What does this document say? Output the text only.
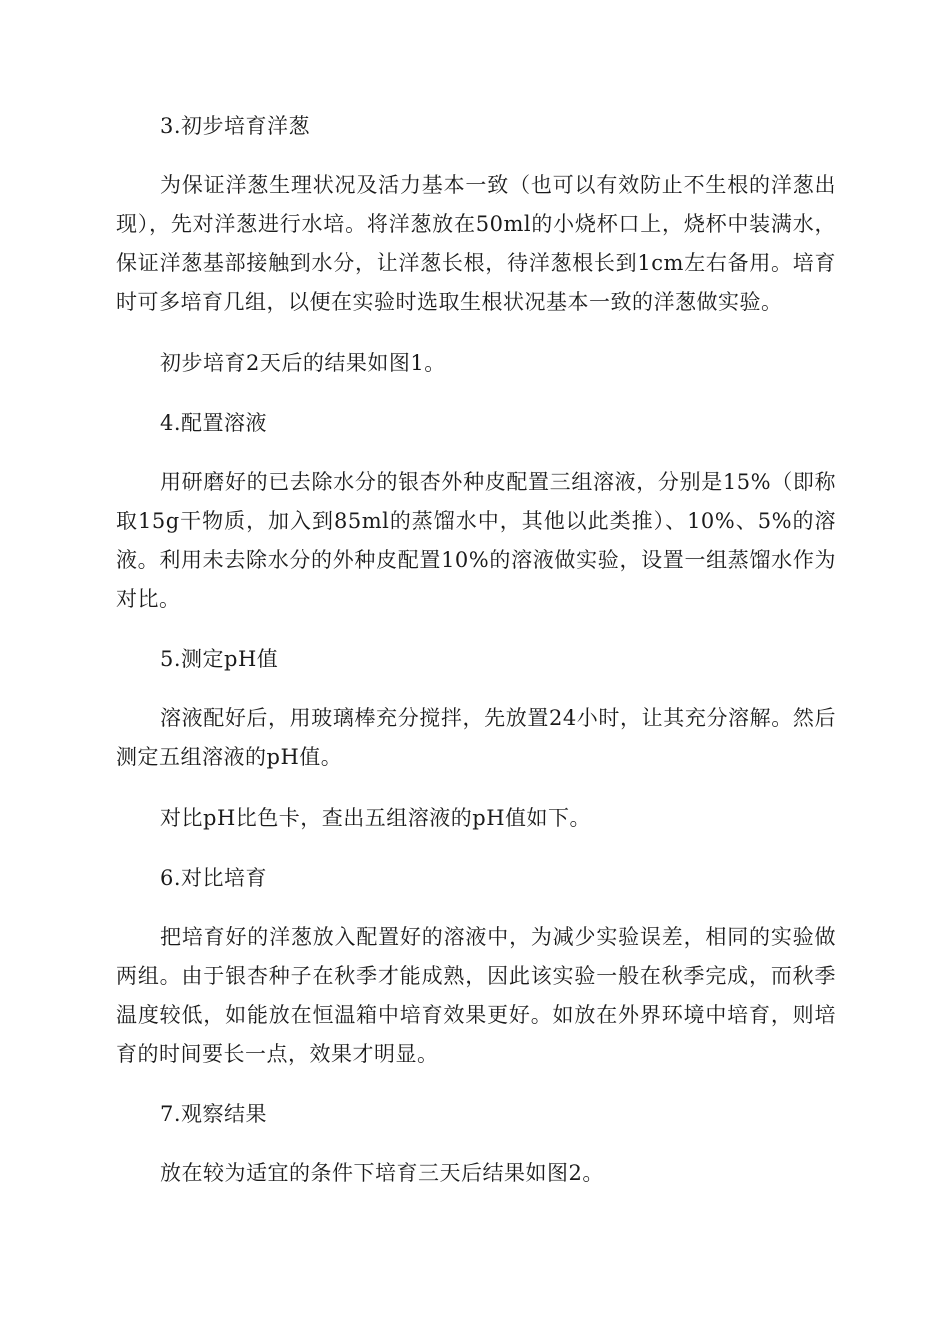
3.初步培育洋葱
为保证洋葱生理状况及活力基本一致（也可以有效防止不生根的洋葱出现），先对洋葱进行水培。将洋葱放在50ml的小烧杯口上，烧杯中装满水，保证洋葱基部接触到水分，让洋葱长根，待洋葱根长到1cm左右备用。培育时可多培育几组，以便在实验时选取生根状况基本一致的洋葱做实验。
初步培育2天后的结果如图1。
4.配置溶液
用研磨好的已去除水分的银杏外种皮配置三组溶液，分别是15%（即称取15g干物质，加入到85ml的蒸馏水中，其他以此类推）、10%、5%的溶液。利用未去除水分的外种皮配置10%的溶液做实验，设置一组蒸馏水作为对比。
5.测定pH值
溶液配好后，用玻璃棒充分搅拌，先放置24小时，让其充分溶解。然后测定五组溶液的pH值。
对比pH比色卡，查出五组溶液的pH值如下。
6.对比培育
把培育好的洋葱放入配置好的溶液中，为减少实验误差，相同的实验做两组。由于银杏种子在秋季才能成熟，因此该实验一般在秋季完成，而秋季温度较低，如能放在恒温箱中培育效果更好。如放在外界环境中培育，则培育的时间要长一点，效果才明显。
7.观察结果
放在较为适宜的条件下培育三天后结果如图2。
